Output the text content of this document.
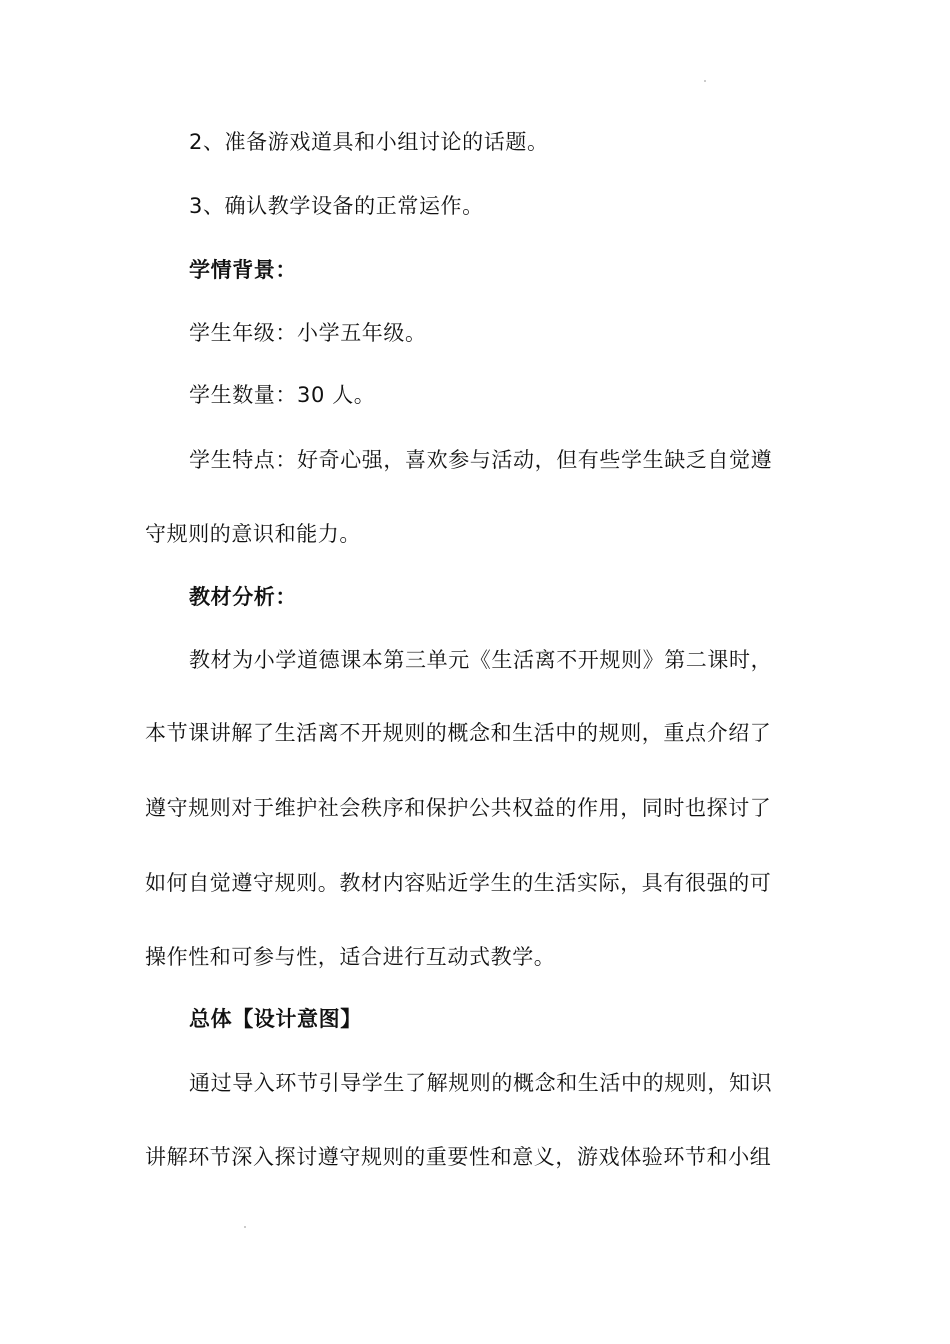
2、准备游戏道具和小组讨论的话题。
3、确认教学设备的正常运作。
学情背景：
学生年级：小学五年级。
学生数量：30 人。
学生特点：好奇心强，喜欢参与活动，但有些学生缺乏自觉遵
守规则的意识和能力。
教材分析：
教材为小学道德课本第三单元《生活离不开规则》第二课时，
本节课讲解了生活离不开规则的概念和生活中的规则，重点介绍了
遵守规则对于维护社会秩序和保护公共权益的作用，同时也探讨了
如何自觉遵守规则。教材内容贴近学生的生活实际，具有很强的可
操作性和可参与性，适合进行互动式教学。
总体【设计意图】
通过导入环节引导学生了解规则的概念和生活中的规则，知识
讲解环节深入探讨遵守规则的重要性和意义，游戏体验环节和小组
